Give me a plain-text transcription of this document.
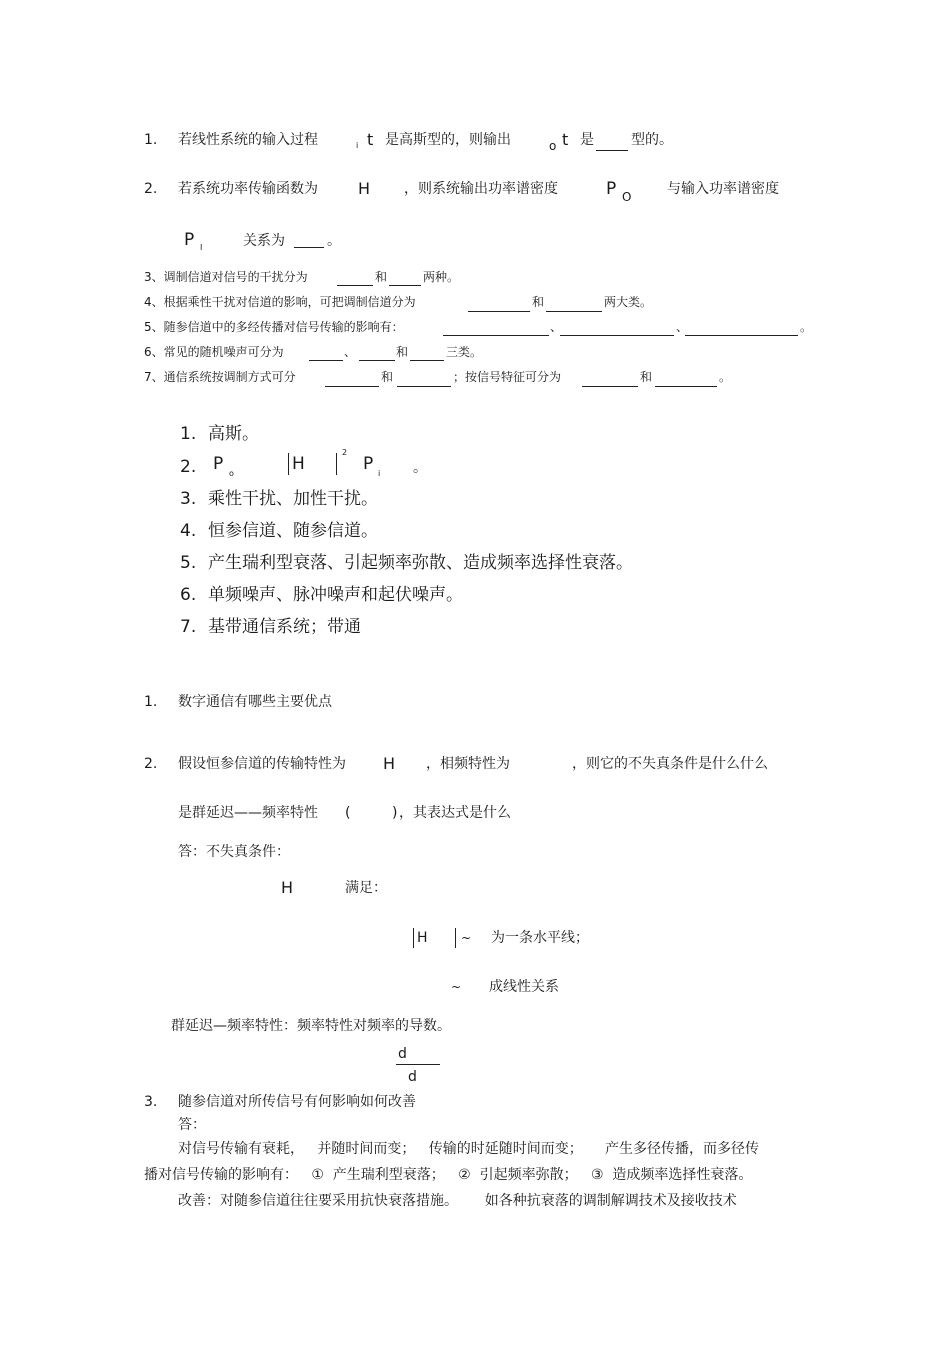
1. 若线性系统的输入过程	i t 是高斯型的，则输出	o t 是	型的。
2. 若系统功率传输函数为	H ，则系统输出功率谱密度	P O	与输入功率谱密度
P I	关系为	。
3、调制信道对信号的干扰分为	和	两种。
4、根据乘性干扰对信道的影响，可把调制信道分为	和	两大类。
5、随参信道中的多经传播对信号传输的影响有：	、	、	。
6、常见的随机噪声可分为	、	和	三类。
7、通信系统按调制方式可分	和	；按信号特征可分为	和	。
1. 高斯。
2. P o	H
2
P i 。
3. 乘性干扰、加性干扰。
4. 恒参信道、随参信道。
5. 产生瑞利型衰落、引起频率弥散、造成频率选择性衰落。
6. 单频噪声、脉冲噪声和起伏噪声。
7. 基带通信系统；带通
1. 数字通信有哪些主要优点
2. 假设恒参信道的传输特性为 H ，相频特性为	，则它的不失真条件是什么什么
是群延迟——频率特性 (	) ，其表达式是什么
答：不失真条件：
H	满足：
H	~ 为一条水平线；
~ 成线性关系
群延迟—频率特性：频率特性对频率的导数。
d
d
3. 随参信道对所传信号有何影响如何改善
答：
对信号传输有衰耗，   并随时间而变；   传输的时延随时间而变；     产生多径传播，而多径传
播对信号传输的影响有：   ①  产生瑞利型衰落；   ②  引起频率弥散；   ③  造成频率选择性衰落。
改善：对随参信道往往要采用抗快衰落措施。      如各种抗衰落的调制解调技术及接收技术
